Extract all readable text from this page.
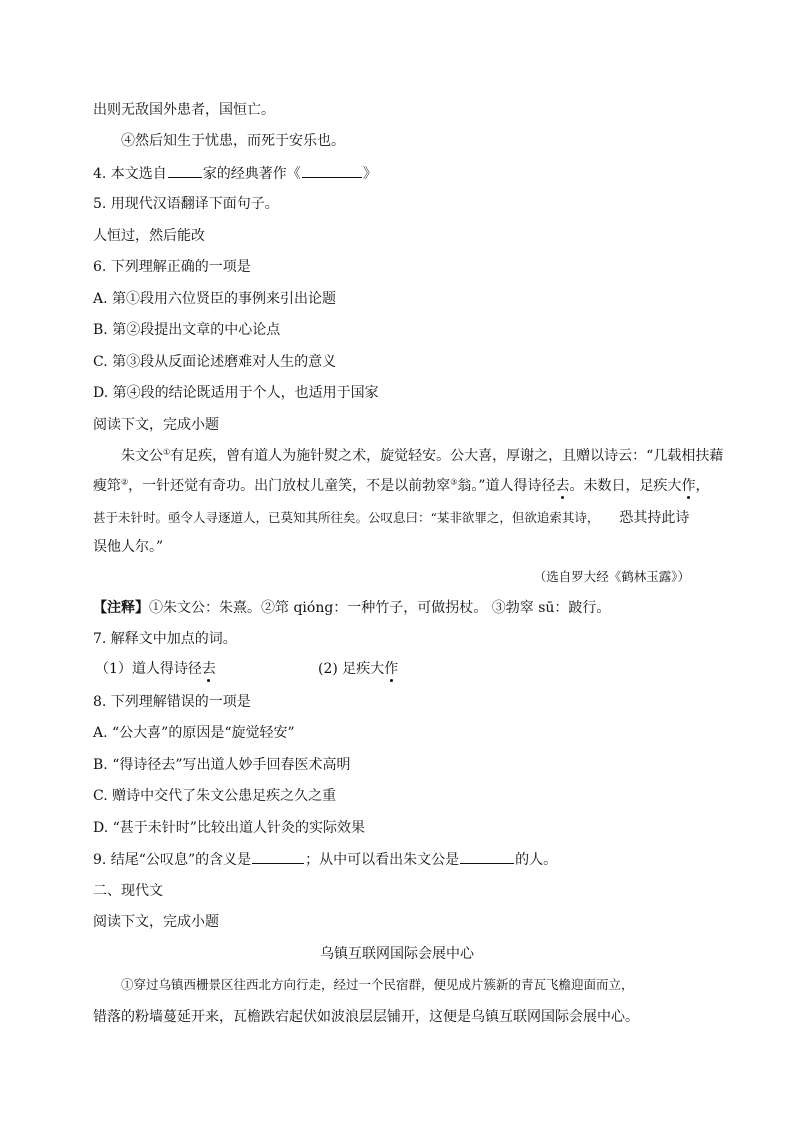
出则无敌国外患者，国恒亡。
④然后知生于忧患，而死于安乐也。
4. 本文选自	家的经典著作《	》
5. 用现代汉语翻译下面句子。
人恒过，然后能改
6. 下列理解正确的一项是
A. 第①段用六位贤臣的事例来引出论题
B. 第②段提出文章的中心论点
C. 第③段从反面论述磨难对人生的意义
D. 第④段的结论既适用于个人，也适用于国家
阅读下文，完成小题
朱文公①有足疾，曾有道人为施针熨之术，旋觉轻安。公大喜，厚谢之，且赠以诗云：“几载相扶藉
瘦筇②，一针还觉有奇功。出门放杖儿童笑，不是以前勃窣③翁。”道人得诗径去。未数日，足疾大作，
甚于未针时。亟令人寻逐道人，已莫知其所往矣。公叹息曰：“某非欲罪之，但欲追索其诗， 恐其持此诗
误他人尔。”
（选自罗大经《鹤林玉露》）
【注释】①朱文公：朱熹。②筇 qióng：一种竹子，可做拐杖。 ③勃窣 sū：跛行。
7. 解释文中加点的词。
（1）道人得诗径去	(2) 足疾大作
8. 下列理解错误的一项是
A. “公大喜”的原因是“旋觉轻安”
B. “得诗径去”写出道人妙手回春医术高明
C. 赠诗中交代了朱文公患足疾之久之重
D. “甚于未针时”比较出道人针灸的实际效果
9. 结尾“公叹息”的含义是	；从中可以看出朱文公是	的人。
二、现代文
阅读下文，完成小题
乌镇互联网国际会展中心
①穿过乌镇西栅景区往西北方向行走，经过一个民宿群，便见成片簇新的青瓦飞檐迎面而立，
错落的粉墙蔓延开来，瓦檐跌宕起伏如波浪层层铺开，这便是乌镇互联网国际会展中心。
